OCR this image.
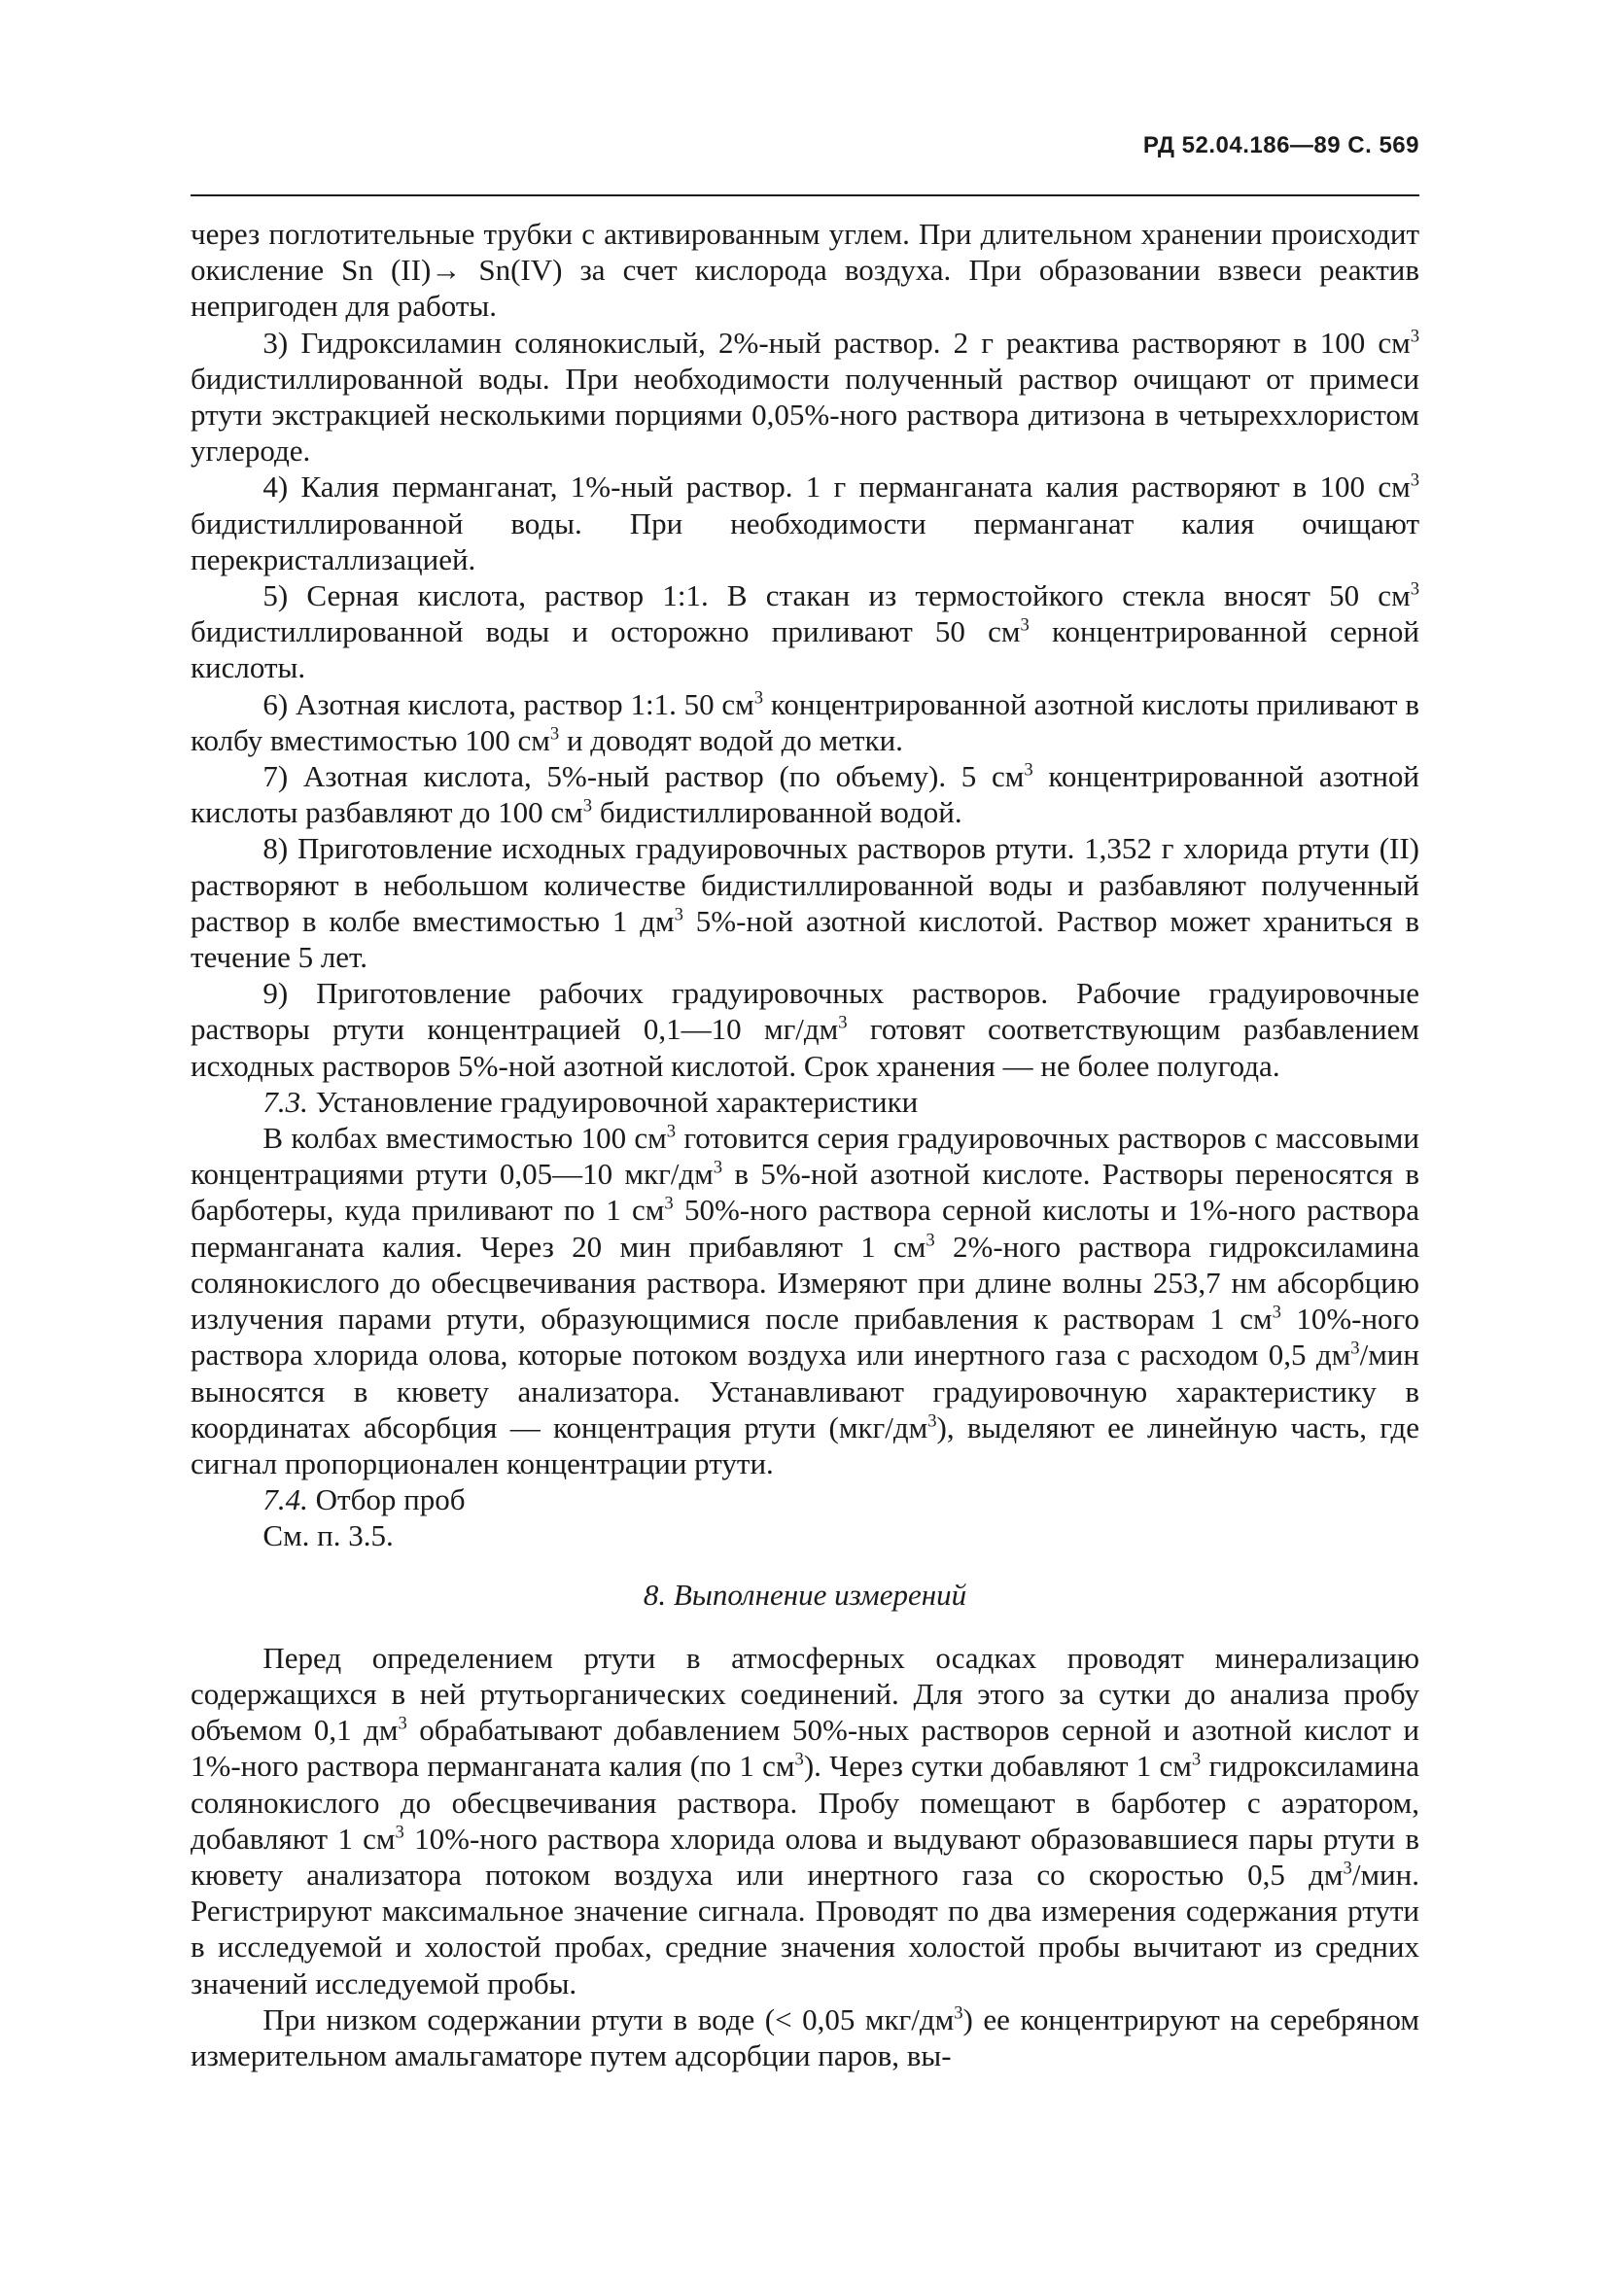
РД 52.04.186—89 С. 569

через поглотительные трубки с активированным углем. При длительном хранении происходит окисление Sn (II)→ Sn(IV) за счет кислорода воздуха. При образовании взвеси реактив непригоден для работы.

3) Гидроксиламин солянокислый, 2%-ный раствор. 2 г реактива растворяют в 100 $см^3$ бидистиллированной воды. При необходимости полученный раствор очищают от примеси ртути экстракцией несколькими порциями 0,05%-ного раствора дитизона в четыреххлористом углероде.

4) Калия перманганат, 1%-ный раствор. 1 г перманганата калия растворяют в 100 $см^3$ бидистиллированной воды. При необходимости перманганат калия очищают перекристаллизацией.

5) Серная кислота, раствор 1:1. В стакан из термостойкого стекла вносят 50 $см^3$ бидистиллированной воды и осторожно приливают 50 $см^3$ концентрированной серной кислоты.

6) Азотная кислота, раствор 1:1. 50 $см^3$ концентрированной азотной кислоты приливают в колбу вместимостью 100 $см^3$ и доводят водой до метки.

7) Азотная кислота, 5%-ный раствор (по объему). 5 $см^3$ концентрированной азотной кислоты разбавляют до 100 $см^3$ бидистиллированной водой.

8) Приготовление исходных градуировочных растворов ртути. 1,352 г хлорида ртути (II) растворяют в небольшом количестве бидистиллированной воды и разбавляют полученный раствор в колбе вместимостью 1 $дм^3$ 5%-ной азотной кислотой. Раствор может храниться в течение 5 лет.

9) Приготовление рабочих градуировочных растворов. Рабочие градуировочные растворы ртути концентрацией 0,1—10 $мг/дм^3$ готовят соответствующим разбавлением исходных растворов 5%-ной азотной кислотой. Срок хранения — не более полугода.

7.3. Установление градуировочной характеристики

В колбах вместимостью 100 $см^3$ готовится серия градуировочных растворов с массовыми концентрациями ртути 0,05—10 мкг/$дм^3$ в 5%-ной азотной кислоте. Растворы переносятся в барботеры, куда приливают по 1 $см^3$ 50%-ного раствора серной кислоты и 1%-ного раствора перманганата калия. Через 20 мин прибавляют 1 $см^3$ 2%-ного раствора гидроксиламина солянокислого до обесцвечивания раствора. Измеряют при длине волны 253,7 нм абсорбцию излучения парами ртути, образующимися после прибавления к растворам 1 $см^3$ 10%-ного раствора хлорида олова, которые потоком воздуха или инертного газа с расходом 0,5 $дм^3$/мин выносятся в кювету анализатора. Устанавливают градуировочную характеристику в координатах абсорбция — концентрация ртути $(мкг/дм^3)$, выделяют ее линейную часть, где сигнал пропорционален концентрации ртути.

7.4. Отбор проб

См. п. 3.5.

8. Выполнение измерений

Перед определением ртути в атмосферных осадках проводят минерализацию содержащихся в ней ртутьорганических соединений. Для этого за сутки до анализа пробу объемом 0,1 $дм^3$ обрабатывают добавлением 50%-ных растворов серной и азотной кислот и 1%-ного раствора перманганата калия (по 1 $см^3$). Через сутки добавляют 1 $см^3$ гидроксиламина солянокислого до обесцвечивания раствора. Пробу помещают в барботер с аэратором, добавляют 1 $см^3$ 10%-ного раствора хлорида олова и выдувают образовавшиеся пары ртути в кювету анализатора потоком воздуха или инертного газа со скоростью 0,5 $дм^3$/мин. Регистрируют максимальное значение сигнала. Проводят по два измерения содержания ртути в исследуемой и холостой пробах, средние значения холостой пробы вычитают из средних значений исследуемой пробы.

При низком содержании ртути в воде (< 0,05 мкг/$дм^3$) ее концентрируют на серебряном измерительном амальгаматоре путем адсорбции паров, вы-
